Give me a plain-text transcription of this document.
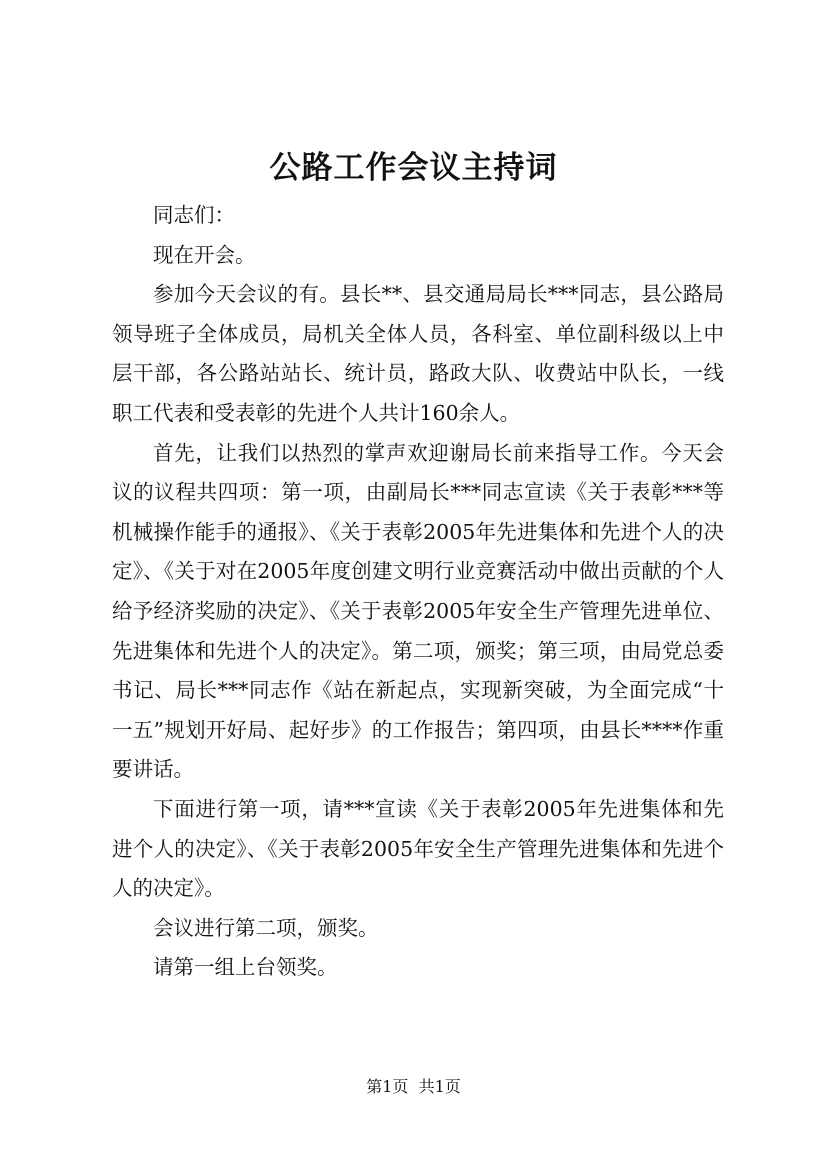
公路工作会议主持词

同志们：

现在开会。

参加今天会议的有。县长**、县交通局局长***同志，县公路局领导班子全体成员，局机关全体人员，各科室、单位副科级以上中层干部，各公路站站长、统计员，路政大队、收费站中队长，一线职工代表和受表彰的先进个人共计160余人。

首先，让我们以热烈的掌声欢迎谢局长前来指导工作。今天会议的议程共四项：第一项，由副局长***同志宣读《关于表彰***等机械操作能手的通报》、《关于表彰2005年先进集体和先进个人的决定》、《关于对在2005年度创建文明行业竞赛活动中做出贡献的个人给予经济奖励的决定》、《关于表彰2005年安全生产管理先进单位、先进集体和先进个人的决定》。第二项，颁奖；第三项，由局党总委书记、局长***同志作《站在新起点，实现新突破，为全面完成“十一五”规划开好局、起好步》的工作报告；第四项，由县长****作重要讲话。

下面进行第一项，请***宣读《关于表彰2005年先进集体和先进个人的决定》、《关于表彰2005年安全生产管理先进集体和先进个人的决定》。

会议进行第二项，颁奖。

请第一组上台领奖。

第1页 共1页
